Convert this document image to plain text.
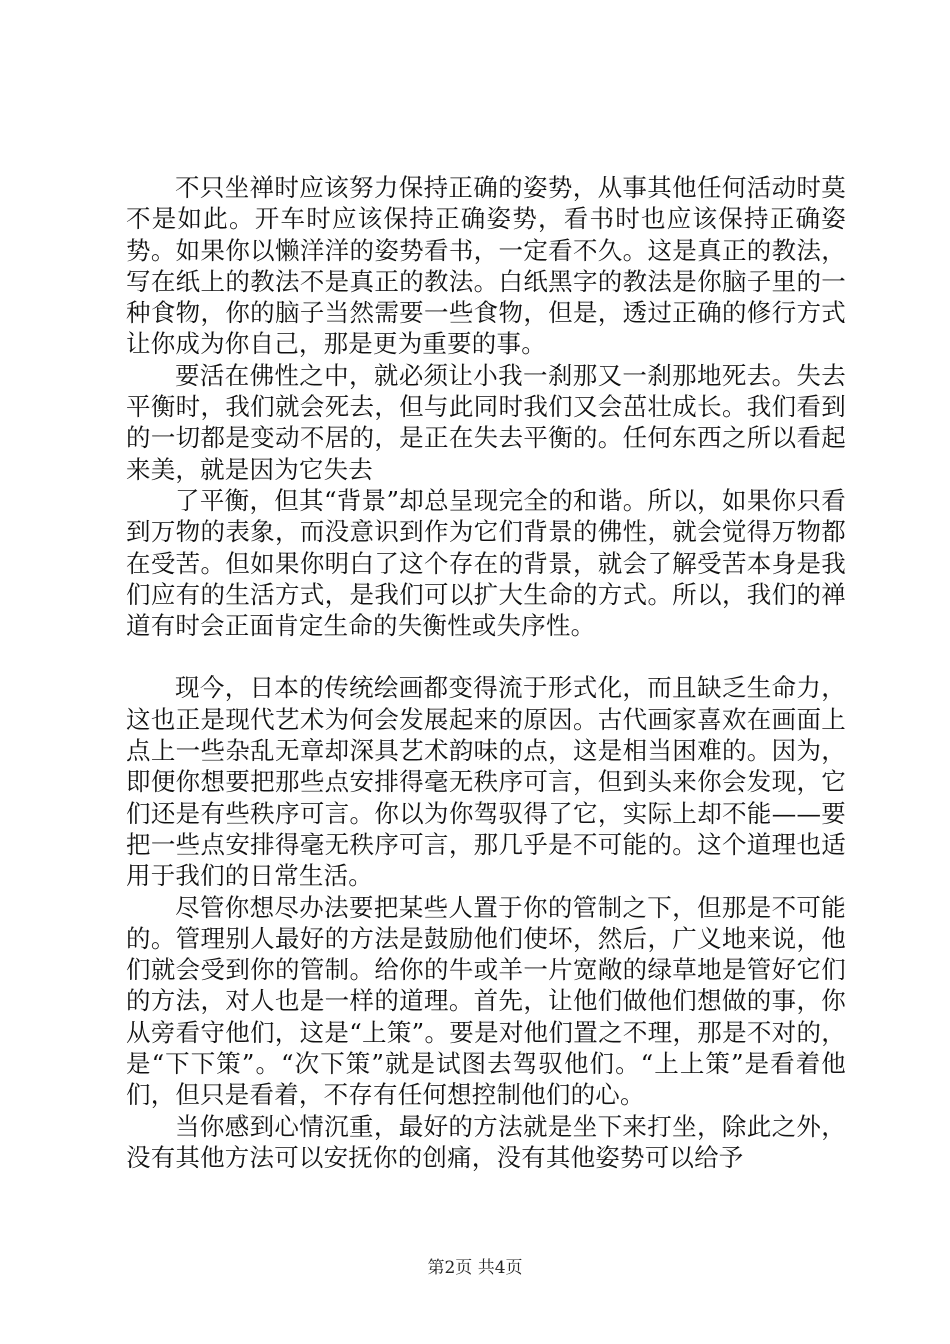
不只坐禅时应该努力保持正确的姿势，从事其他任何活动时莫不是如此。开车时应该保持正确姿势，看书时也应该保持正确姿势。如果你以懒洋洋的姿势看书，一定看不久。这是真正的教法，写在纸上的教法不是真正的教法。白纸黑字的教法是你脑子里的一种食物，你的脑子当然需要一些食物，但是，透过正确的修行方式让你成为你自己，那是更为重要的事。

要活在佛性之中，就必须让小我一刹那又一刹那地死去。失去平衡时，我们就会死去，但与此同时我们又会茁壮成长。我们看到的一切都是变动不居的，是正在失去平衡的。任何东西之所以看起来美，就是因为它失去

了平衡，但其“背景”却总呈现完全的和谐。所以，如果你只看到万物的表象，而没意识到作为它们背景的佛性，就会觉得万物都在受苦。但如果你明白了这个存在的背景，就会了解受苦本身是我们应有的生活方式，是我们可以扩大生命的方式。所以，我们的禅道有时会正面肯定生命的失衡性或失序性。

现今，日本的传统绘画都变得流于形式化，而且缺乏生命力，这也正是现代艺术为何会发展起来的原因。古代画家喜欢在画面上点上一些杂乱无章却深具艺术韵味的点，这是相当困难的。因为，即便你想要把那些点安排得毫无秩序可言，但到头来你会发现，它们还是有些秩序可言。你以为你驾驭得了它，实际上却不能——要把一些点安排得毫无秩序可言，那几乎是不可能的。这个道理也适用于我们的日常生活。

尽管你想尽办法要把某些人置于你的管制之下，但那是不可能的。管理别人最好的方法是鼓励他们使坏，然后，广义地来说，他们就会受到你的管制。给你的牛或羊一片宽敞的绿草地是管好它们的方法，对人也是一样的道理。首先，让他们做他们想做的事，你从旁看守他们，这是“上策”。要是对他们置之不理，那是不对的，是“下下策”。“次下策”就是试图去驾驭他们。“上上策”是看着他们，但只是看着，不存有任何想控制他们的心。

当你感到心情沉重，最好的方法就是坐下来打坐，除此之外，没有其他方法可以安抚你的创痛，没有其他姿势可以给予

第2页 共4页
